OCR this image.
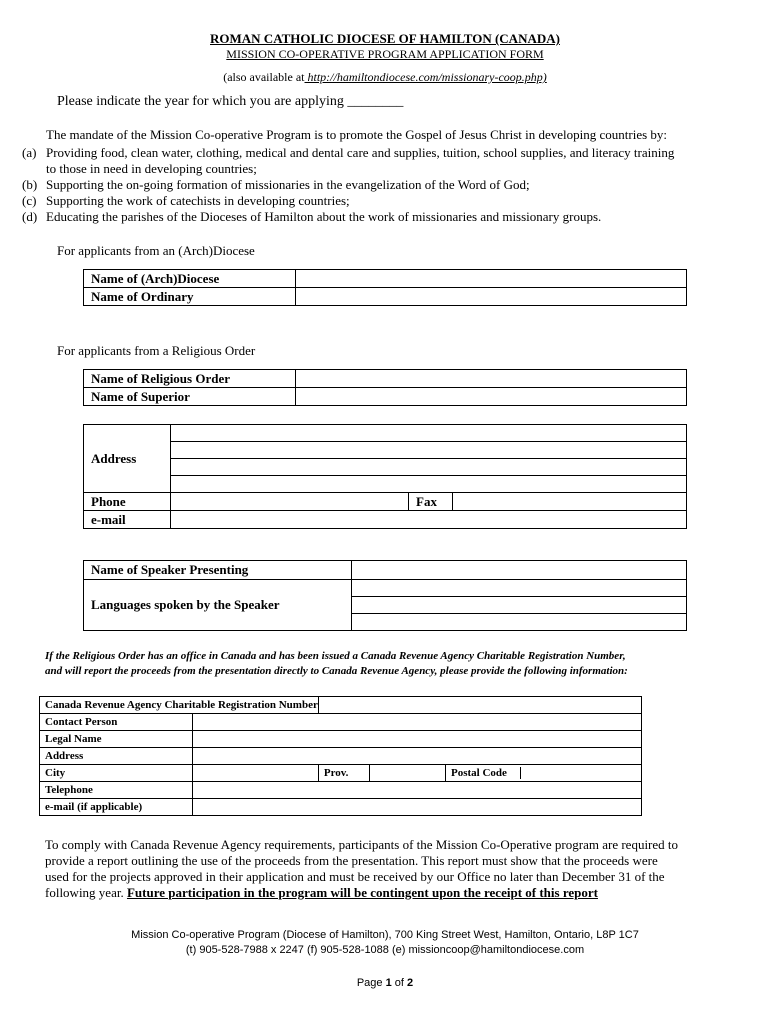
ROMAN CATHOLIC DIOCESE OF HAMILTON (CANADA)
MISSION CO-OPERATIVE PROGRAM APPLICATION FORM
(also available at http://hamiltondiocese.com/missionary-coop.php)
Please indicate the year for which you are applying ________
The mandate of the Mission Co-operative Program is to promote the Gospel of Jesus Christ in developing countries by:
(a) Providing food, clean water, clothing, medical and dental care and supplies, tuition, school supplies, and literacy training
to those in need in developing countries;
(b) Supporting the on-going formation of missionaries in the evangelization of the Word of God;
(c) Supporting the work of catechists in developing countries;
(d) Educating the parishes of the Dioceses of Hamilton about the work of missionaries and missionary groups.
For applicants from an (Arch)Diocese
Name of (Arch)Diocese	
Name of Ordinary	
For applicants from a Religious Order
Name of Religious Order	
Name of Superior	
Address			

Phone		Fax	
e-mail			
Name of Speaker Presenting	
Languages spoken by the Speaker	

If the Religious Order has an office in Canada and has been issued a Canada Revenue Agency Charitable Registration Number,
and will report the proceeds from the presentation directly to Canada Revenue Agency, please provide the following information:
Canada Revenue Agency Charitable Registration Number				
Contact Person				
Legal Name				
Address				
City		Prov.		Postal Code
Telephone				
e-mail (if applicable)				
To comply with Canada Revenue Agency requirements, participants of the Mission Co-Operative program are required to
provide a report outlining the use of the proceeds from the presentation. This report must show that the proceeds were
used for the projects approved in their application and must be received by our Office no later than December 31 of the
following year. Future participation in the program will be contingent upon the receipt of this report
Mission Co-operative Program (Diocese of Hamilton), 700 King Street West, Hamilton, Ontario, L8P 1C7
(t) 905-528-7988 x 2247 (f) 905-528-1088 (e) missioncoop@hamiltondiocese.com
Page 1 of 2
